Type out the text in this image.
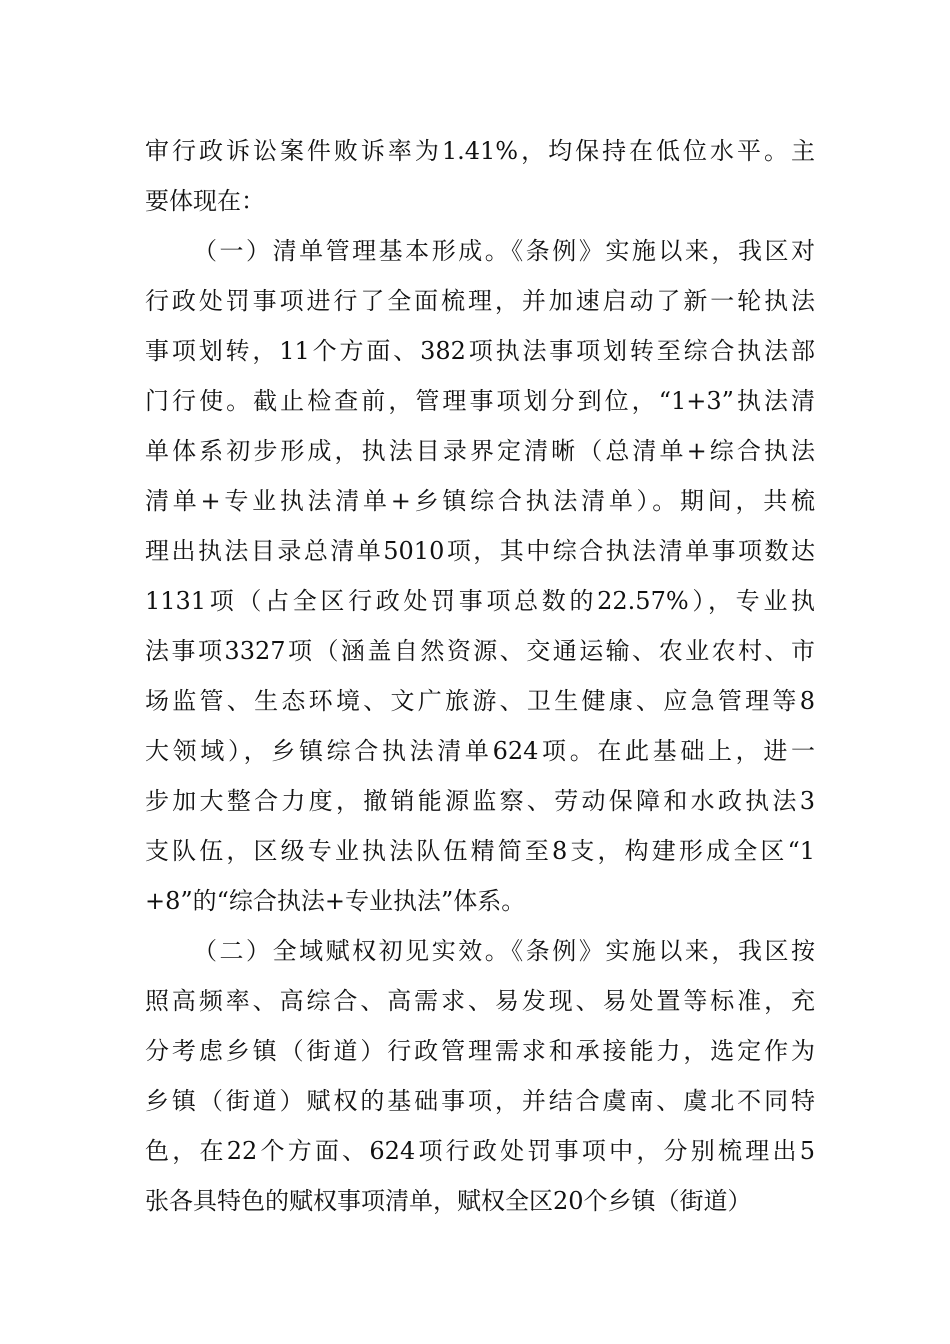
审行政诉讼案件败诉率为1.41%，均保持在低位水平。主
要体现在：
（一）清单管理基本形成。《条例》实施以来，我区对
行政处罚事项进行了全面梳理，并加速启动了新一轮执法
事项划转，11个方面、382项执法事项划转至综合执法部
门行使。截止检查前，管理事项划分到位，“1+3”执法清
单体系初步形成，执法目录界定清晰（总清单+综合执法
清单+专业执法清单+乡镇综合执法清单）。期间，共梳
理出执法目录总清单5010项，其中综合执法清单事项数达
1131项（占全区行政处罚事项总数的22.57%），专业执
法事项3327项（涵盖自然资源、交通运输、农业农村、市
场监管、生态环境、文广旅游、卫生健康、应急管理等8
大领域），乡镇综合执法清单624项。在此基础上，进一
步加大整合力度，撤销能源监察、劳动保障和水政执法3
支队伍，区级专业执法队伍精简至8支，构建形成全区“1
+8”的“综合执法+专业执法”体系。
（二）全域赋权初见实效。《条例》实施以来，我区按
照高频率、高综合、高需求、易发现、易处置等标准，充
分考虑乡镇（街道）行政管理需求和承接能力，选定作为
乡镇（街道）赋权的基础事项，并结合虞南、虞北不同特
色，在22个方面、624项行政处罚事项中，分别梳理出5
张各具特色的赋权事项清单，赋权全区20个乡镇（街道）
